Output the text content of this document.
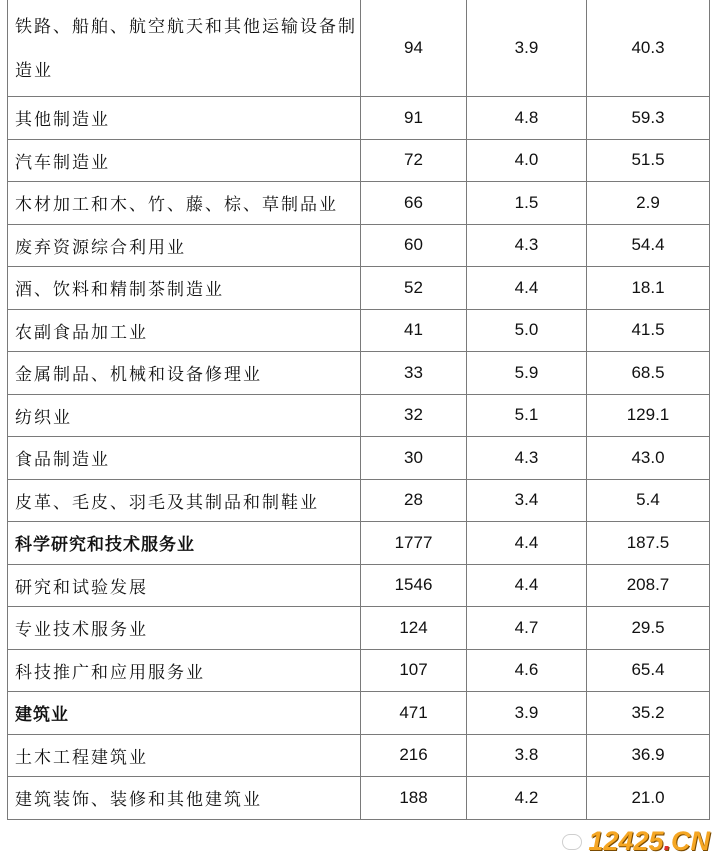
铁路、船舶、航空航天和其他运输设备制造业	94	3.9	40.3
其他制造业	91	4.8	59.3
汽车制造业	72	4.0	51.5
木材加工和木、竹、藤、棕、草制品业	66	1.5	2.9
废弃资源综合利用业	60	4.3	54.4
酒、饮料和精制茶制造业	52	4.4	18.1
农副食品加工业	41	5.0	41.5
金属制品、机械和设备修理业	33	5.9	68.5
纺织业	32	5.1	129.1
食品制造业	30	4.3	43.0
皮革、毛皮、羽毛及其制品和制鞋业	28	3.4	5.4
科学研究和技术服务业	1777	4.4	187.5
研究和试验发展	1546	4.4	208.7
专业技术服务业	124	4.7	29.5
科技推广和应用服务业	107	4.6	65.4
建筑业	471	3.9	35.2
土木工程建筑业	216	3.8	36.9
建筑装饰、装修和其他建筑业	188	4.2	21.0
12425.CN
